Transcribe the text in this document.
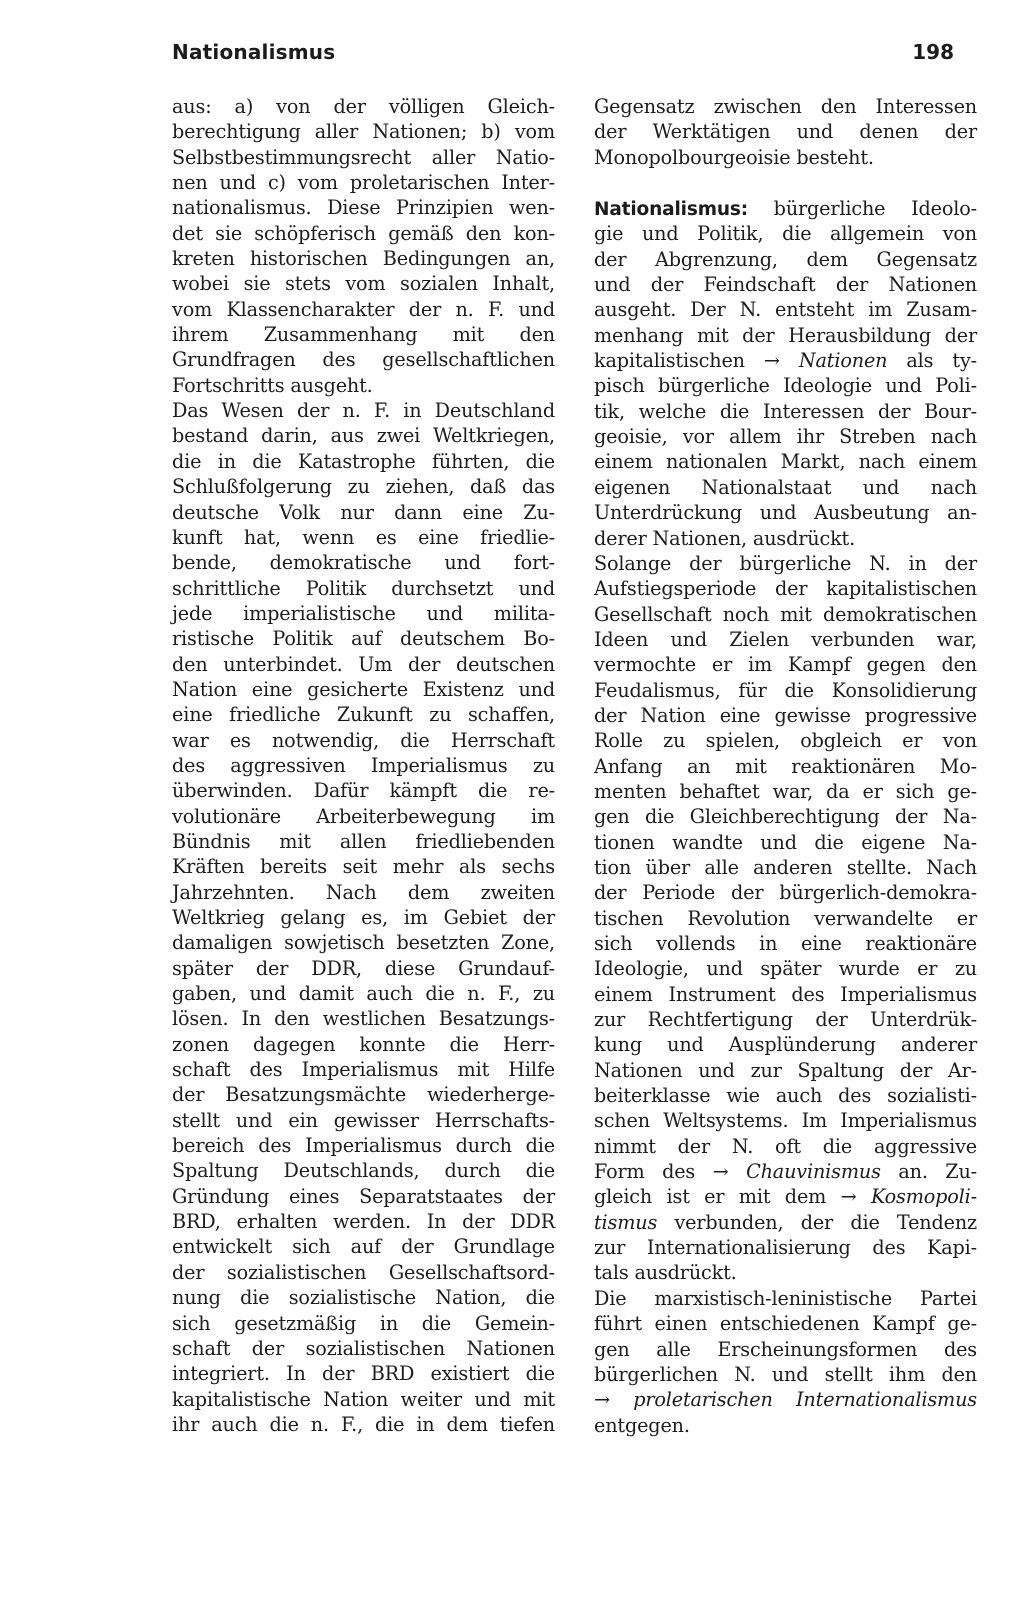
Nationalismus	198
aus: a) von der völligen Gleich-
berechtigung aller Nationen; b) vom
Selbstbestimmungsrecht aller Natio-
nen und c) vom proletarischen Inter-
nationalismus. Diese Prinzipien wen-
det sie schöpferisch gemäß den kon-
kreten historischen Bedingungen an,
wobei sie stets vom sozialen Inhalt,
vom Klassencharakter der n. F. und
ihrem Zusammenhang mit den
Grundfragen des gesellschaftlichen
Fortschritts ausgeht.
Das Wesen der n. F. in Deutschland
bestand darin, aus zwei Weltkriegen,
die in die Katastrophe führten, die
Schlußfolgerung zu ziehen, daß das
deutsche Volk nur dann eine Zu-
kunft hat, wenn es eine friedlie-
bende, demokratische und fort-
schrittliche Politik durchsetzt und
jede imperialistische und milita-
ristische Politik auf deutschem Bo-
den unterbindet. Um der deutschen
Nation eine gesicherte Existenz und
eine friedliche Zukunft zu schaffen,
war es notwendig, die Herrschaft
des aggressiven Imperialismus zu
überwinden. Dafür kämpft die re-
volutionäre Arbeiterbewegung im
Bündnis mit allen friedliebenden
Kräften bereits seit mehr als sechs
Jahrzehnten. Nach dem zweiten
Weltkrieg gelang es, im Gebiet der
damaligen sowjetisch besetzten Zone,
später der DDR, diese Grundauf-
gaben, und damit auch die n. F., zu
lösen. In den westlichen Besatzungs-
zonen dagegen konnte die Herr-
schaft des Imperialismus mit Hilfe
der Besatzungsmächte wiederherge-
stellt und ein gewisser Herrschafts-
bereich des Imperialismus durch die
Spaltung Deutschlands, durch die
Gründung eines Separatstaates der
BRD, erhalten werden. In der DDR
entwickelt sich auf der Grundlage
der sozialistischen Gesellschaftsord-
nung die sozialistische Nation, die
sich gesetzmäßig in die Gemein-
schaft der sozialistischen Nationen
integriert. In der BRD existiert die
kapitalistische Nation weiter und mit
ihr auch die n. F., die in dem tiefen
Gegensatz zwischen den Interessen
der Werktätigen und denen der
Monopolbourgeoisie besteht.
Nationalismus: bürgerliche Ideolo-
gie und Politik, die allgemein von
der Abgrenzung, dem Gegensatz
und der Feindschaft der Nationen
ausgeht. Der N. entsteht im Zusam-
menhang mit der Herausbildung der
kapitalistischen → Nationen als ty-
pisch bürgerliche Ideologie und Poli-
tik, welche die Interessen der Bour-
geoisie, vor allem ihr Streben nach
einem nationalen Markt, nach einem
eigenen Nationalstaat und nach
Unterdrückung und Ausbeutung an-
derer Nationen, ausdrückt.
Solange der bürgerliche N. in der
Aufstiegsperiode der kapitalistischen
Gesellschaft noch mit demokratischen
Ideen und Zielen verbunden war,
vermochte er im Kampf gegen den
Feudalismus, für die Konsolidierung
der Nation eine gewisse progressive
Rolle zu spielen, obgleich er von
Anfang an mit reaktionären Mo-
menten behaftet war, da er sich ge-
gen die Gleichberechtigung der Na-
tionen wandte und die eigene Na-
tion über alle anderen stellte. Nach
der Periode der bürgerlich-demokra-
tischen Revolution verwandelte er
sich vollends in eine reaktionäre
Ideologie, und später wurde er zu
einem Instrument des Imperialismus
zur Rechtfertigung der Unterdrük-
kung und Ausplünderung anderer
Nationen und zur Spaltung der Ar-
beiterklasse wie auch des sozialisti-
schen Weltsystems. Im Imperialismus
nimmt der N. oft die aggressive
Form des → Chauvinismus an. Zu-
gleich ist er mit dem → Kosmopoli-
tismus verbunden, der die Tendenz
zur Internationalisierung des Kapi-
tals ausdrückt.
Die marxistisch-leninistische Partei
führt einen entschiedenen Kampf ge-
gen alle Erscheinungsformen des
bürgerlichen N. und stellt ihm den
→ proletarischen Internationalismus
entgegen.
